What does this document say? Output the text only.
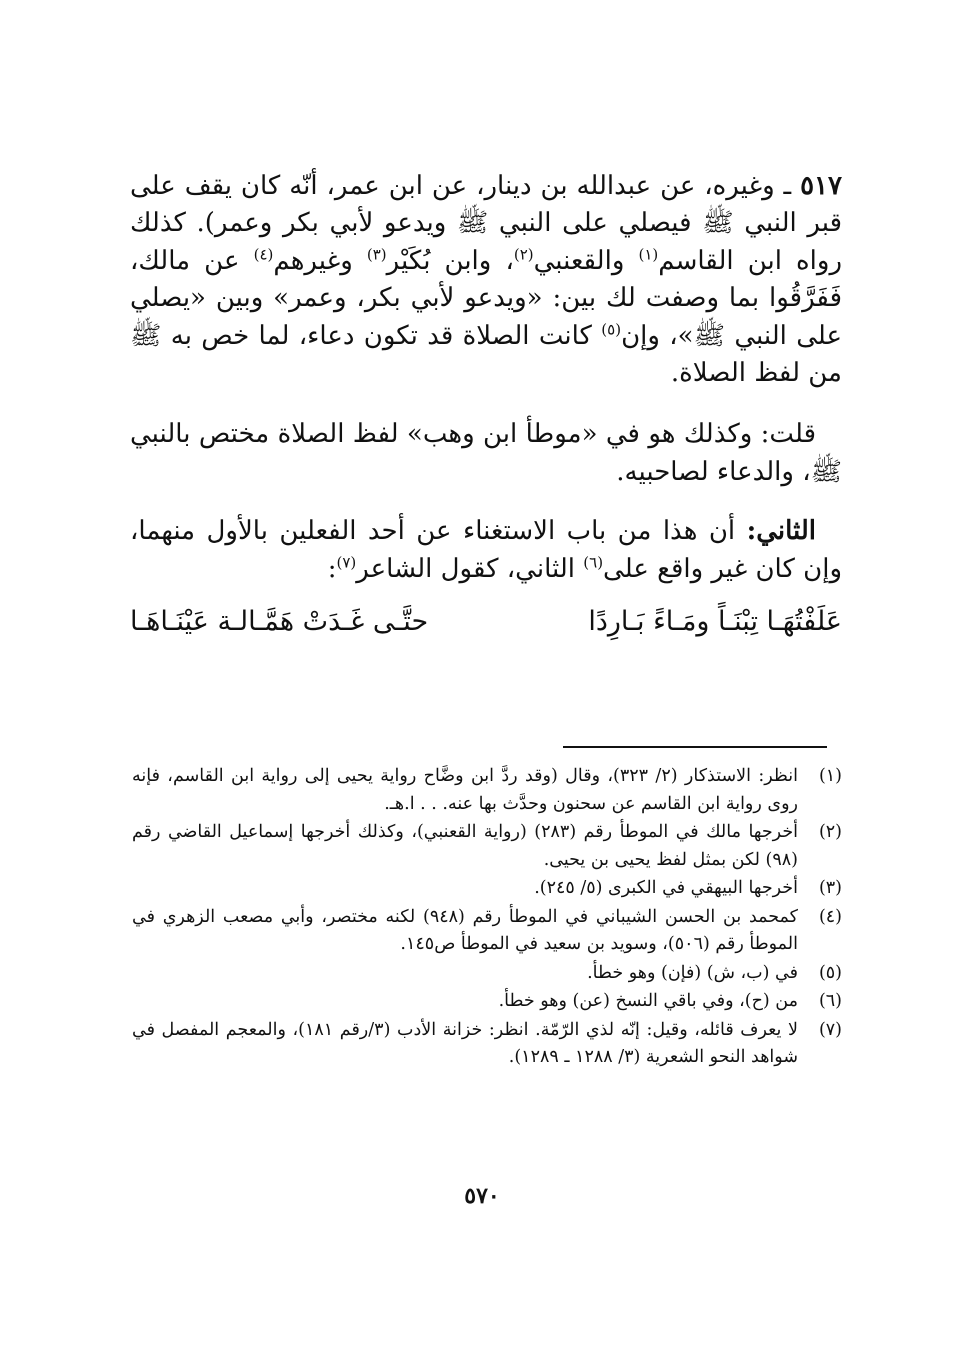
٥١٧ ـ وغيره، عن عبدالله بن دينار، عن ابن عمر، أنّه كان يقف على قبر النبي ﷺ فيصلي على النبي ﷺ ويدعو لأبي بكر وعمر). كذلك رواه ابن القاسم$^{(١)}$ والقعنبي$^{(٢)}$، وابن بُكَيْر$^{(٣)}$ وغيرهم$^{(٤)}$ عن مالك، فَفَرَّقُوا بما وصفت لك بين: «ويدعو لأبي بكر، وعمر» وبين «يصلي على النبي ﷺ»، وإن$^{(٥)}$ كانت الصلاة قد تكون دعاء، لما خص به ﷺ من لفظ الصلاة.

 قلت: وكذلك هو في «موطأ ابن وهب» لفظ الصلاة مختص بالنبي ﷺ، والدعاء لصاحبيه.

 الثاني: أن هذا من باب الاستغناء عن أحد الفعلين بالأول منهما، وإن كان غير واقع على$^{(٦)}$ الثاني، كقول الشاعر$^{(٧)}$:

عَلَفْتُهَـا تِبْنَـاً ومَـاءً بَـارِدًا
حتَّـى غَـدَتْ هَمَّـالـة عَيْنَـاهَـا
(١)
انظر: الاستذكار (٢/ ٣٢٣)، وقال (وقد ردَّ ابن وضَّاح رواية يحيى إلى رواية ابن القاسم، فإنه روى رواية ابن القاسم عن سحنون وحدَّث بها عنه. . . ا.هـ.
(٢)
أخرجها مالك في الموطأ رقم (٢٨٣) (رواية القعنبي)، وكذلك أخرجها إسماعيل القاضي رقم (٩٨) لكن بمثل لفظ يحيى بن يحيى.
(٣)
أخرجها البيهقي في الكبرى (٥/ ٢٤٥).
(٤)
كمحمد بن الحسن الشيباني في الموطأ رقم (٩٤٨) لكنه مختصر، وأبي مصعب الزهري في الموطأ رقم (٥٠٦)، وسويد بن سعيد في الموطأ ص١٤٥.
(٥)
في (ب، ش) (فإن) وهو خطأ.
(٦)
من (ح)، وفي باقي النسخ (عن) وهو خطأ.
(٧)
لا يعرف قائله، وقيل: إنّه لذي الرّمّة. انظر: خزانة الأدب (٣/رقم ١٨١)، والمعجم المفصل في شواهد النحو الشعرية (٣/ ١٢٨٨ ـ ١٢٨٩).
٥٧٠
